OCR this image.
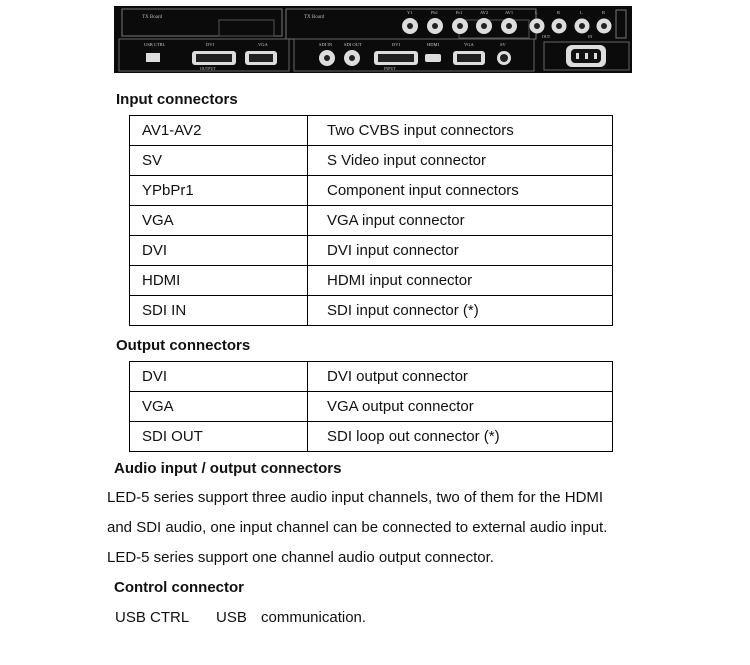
TX Board	TX Board
USB CTRL	DVI	VGA
OUTPUT
SDI IN	SDI OUT	DVI	HDMI	VGA	SV
INPUT
Y1	Pb1	Pr1	AV2	AV1	L	R	L	R
OUT	IN
Input connectors
AV1-AV2	Two CVBS input connectors
SV	S Video input connector
YPbPr1	Component input connectors
VGA	VGA input connector
DVI	DVI input connector
HDMI	HDMI input connector
SDI IN	SDI input connector (*)
Output connectors
DVI	DVI output connector
VGA	VGA output connector
SDI OUT	SDI loop out connector (*)
Audio input / output connectors
LED-5 series support three audio input channels, two of them for the HDMI
and SDI audio, one input channel can be connected to external audio input.
LED-5 series support one channel audio output connector.
Control connector
USB CTRL USB communication.
